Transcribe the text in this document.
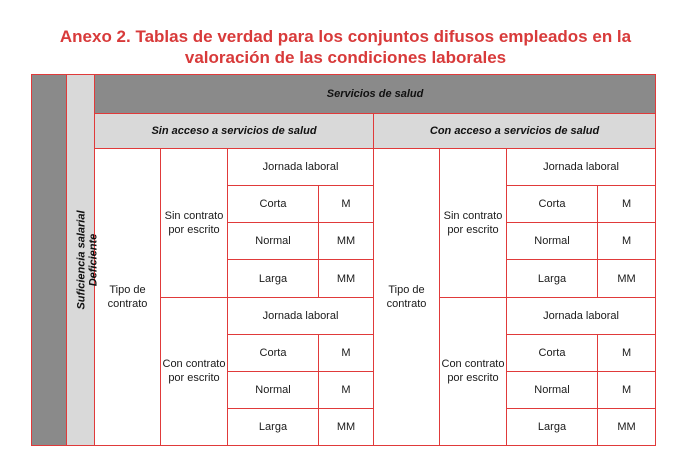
Anexo 2. Tablas de verdad para los conjuntos difusos empleados en la
valoración de las condiciones laborales
Suficiencia salarial	Deficiente	Servicios de salud							
		Sin acceso a servicios de salud				Con acceso a servicios de salud			
		Tipo de contrato	Sin contrato por escrito	Jornada laboral		Tipo de contrato	Sin contrato por escrito	Jornada laboral	
				Corta	M			Corta	M
				Normal	MM			Normal	M
				Larga	MM			Larga	MM
			Con contrato por escrito	Jornada laboral			Con contrato por escrito	Jornada laboral	
				Corta	M			Corta	M
				Normal	M			Normal	M
				Larga	MM			Larga	MM
